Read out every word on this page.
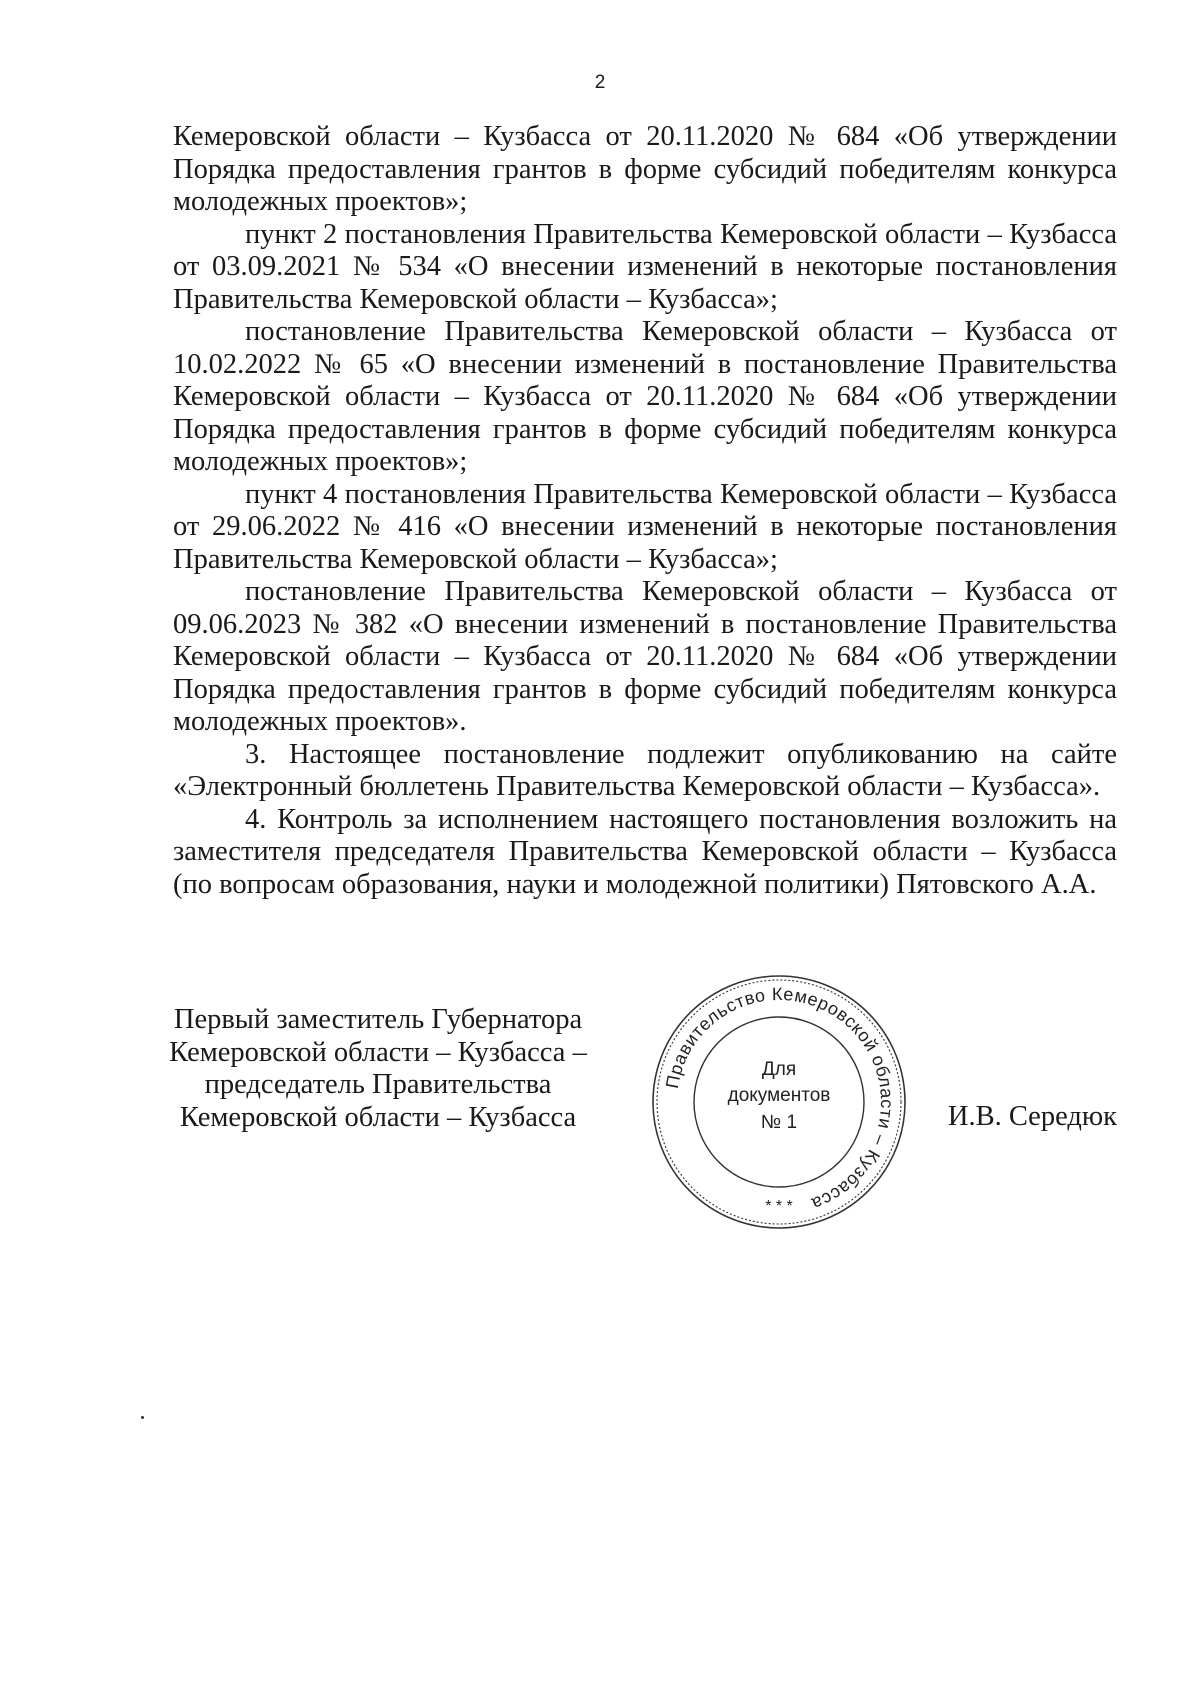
2

Кемеровской области – Кузбасса от 20.11.2020 № 684 «Об утверждении Порядка предоставления грантов в форме субсидий победителям конкурса молодежных проектов»;

пункт 2 постановления Правительства Кемеровской области – Кузбасса от 03.09.2021 № 534 «О внесении изменений в некоторые постановления Правительства Кемеровской области – Кузбасса»;

постановление Правительства Кемеровской области – Кузбасса от 10.02.2022 № 65 «О внесении изменений в постановление Правительства Кемеровской области – Кузбасса от 20.11.2020 № 684 «Об утверждении Порядка предоставления грантов в форме субсидий победителям конкурса молодежных проектов»;

пункт 4 постановления Правительства Кемеровской области – Кузбасса от 29.06.2022 № 416 «О внесении изменений в некоторые постановления Правительства Кемеровской области – Кузбасса»;

постановление Правительства Кемеровской области – Кузбасса от 09.06.2023 № 382 «О внесении изменений в постановление Правительства Кемеровской области – Кузбасса от 20.11.2020 № 684 «Об утверждении Порядка предоставления грантов в форме субсидий победителям конкурса молодежных проектов».

3. Настоящее постановление подлежит опубликованию на сайте «Электронный бюллетень Правительства Кемеровской области – Кузбасса».

4. Контроль за исполнением настоящего постановления возложить на заместителя председателя Правительства Кемеровской области – Кузбасса (по вопросам образования, науки и молодежной политики) Пятовского А.А.

Первый заместитель Губернатора
Кемеровской области – Кузбасса –
председатель Правительства
Кемеровской области – Кузбасса
Правительство Кемеровской области – Кузбасса
Для
документов
№ 1
* * *
И.В. Середюк
